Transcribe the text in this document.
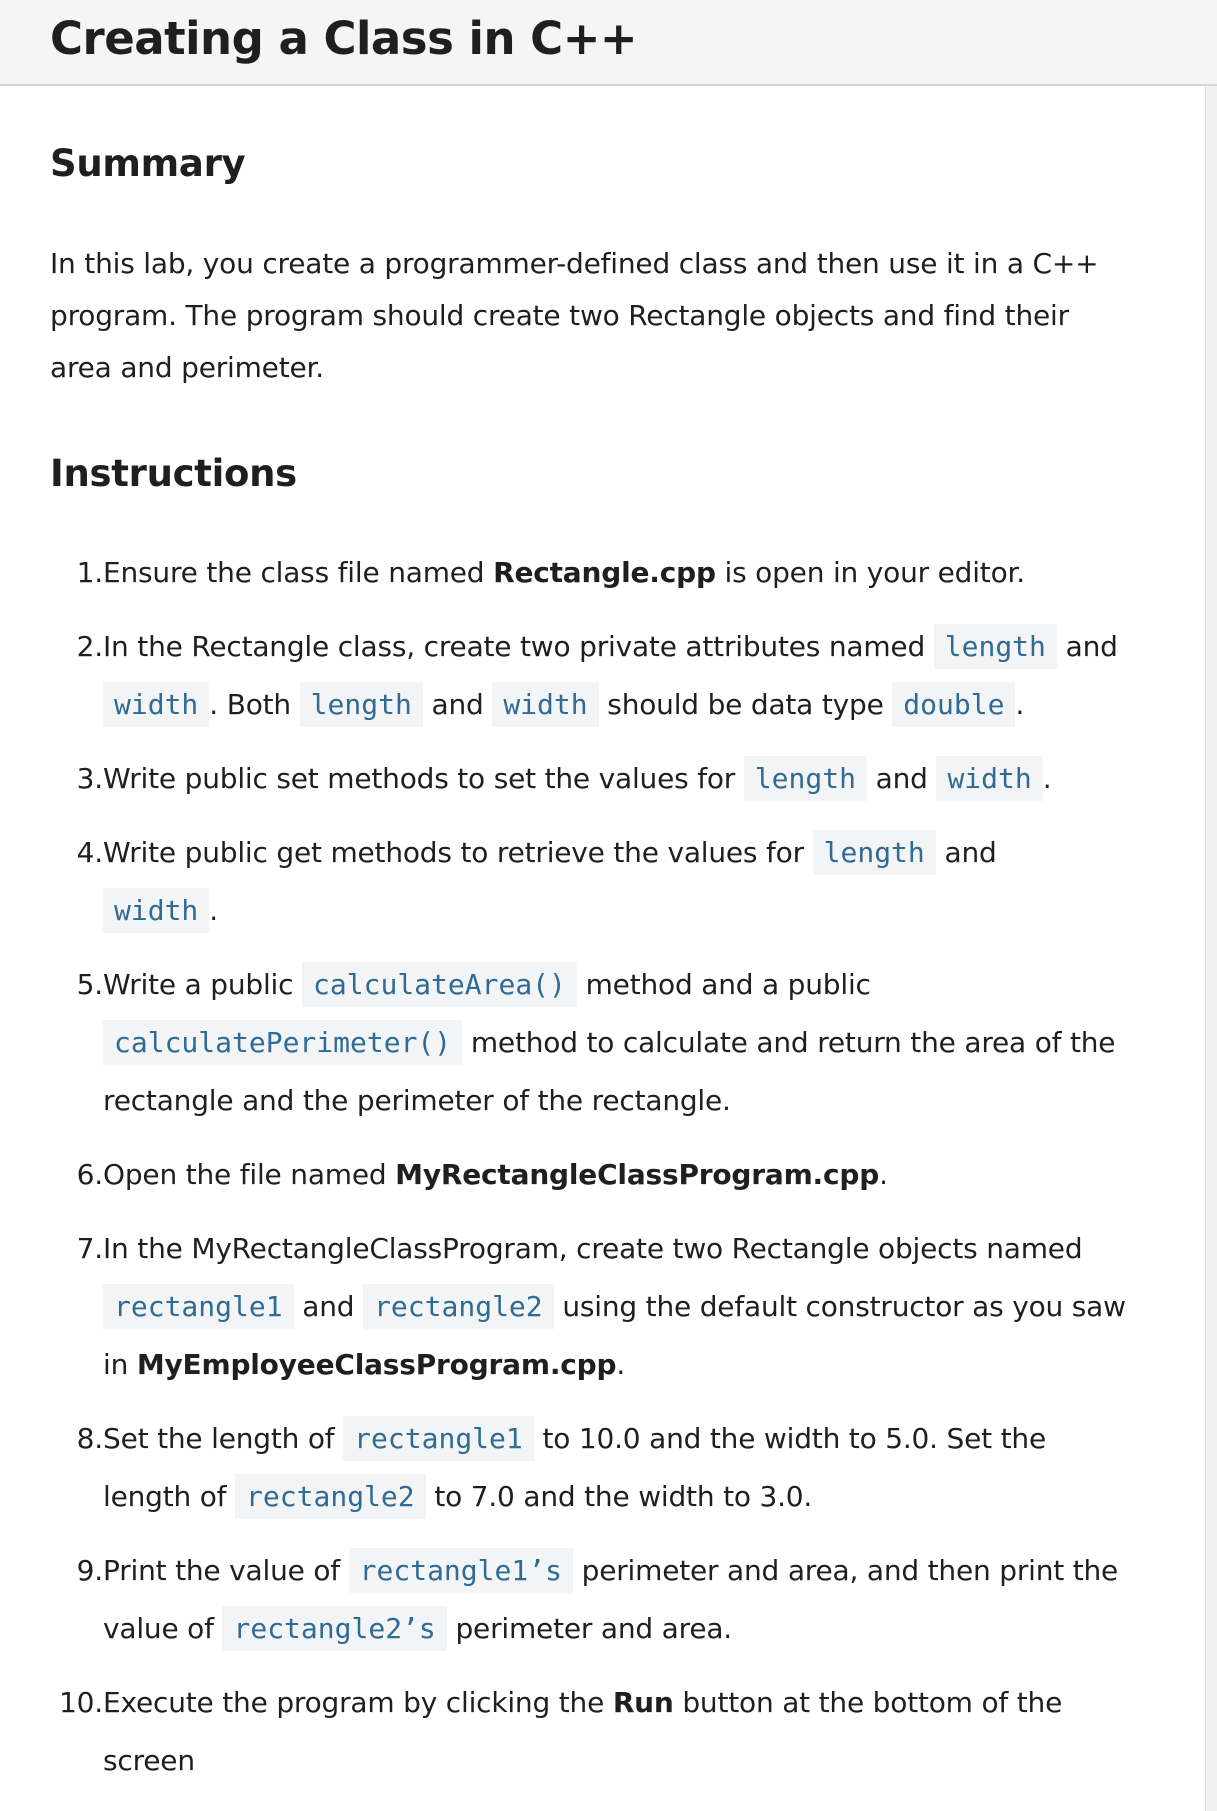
Creating a Class in C++
Summary

In this lab, you create a programmer-defined class and then use it in a C++ program. The program should create two Rectangle objects and find their area and perimeter.

Instructions
1. Ensure the class file named Rectangle.cpp is open in your editor.
2. In the Rectangle class, create two private attributes named length and width . Both length and width should be data type double .
3. Write public set methods to set the values for length and width .
4. Write public get methods to retrieve the values for length and
width .
5. Write a public calculateArea() method and a public
calculatePerimeter() method to calculate and return the area of the rectangle and the perimeter of the rectangle.
6. Open the file named MyRectangleClassProgram.cpp.
7. In the MyRectangleClassProgram, create two Rectangle objects named
rectangle1 and rectangle2 using the default constructor as you saw in MyEmployeeClassProgram.cpp.
8. Set the length of rectangle1 to 10.0 and the width to 5.0. Set the length of rectangle2 to 7.0 and the width to 3.0.
9. Print the value of rectangle1’s perimeter and area, and then print the value of rectangle2’s perimeter and area.
10. Execute the program by clicking the Run button at the bottom of the screen
